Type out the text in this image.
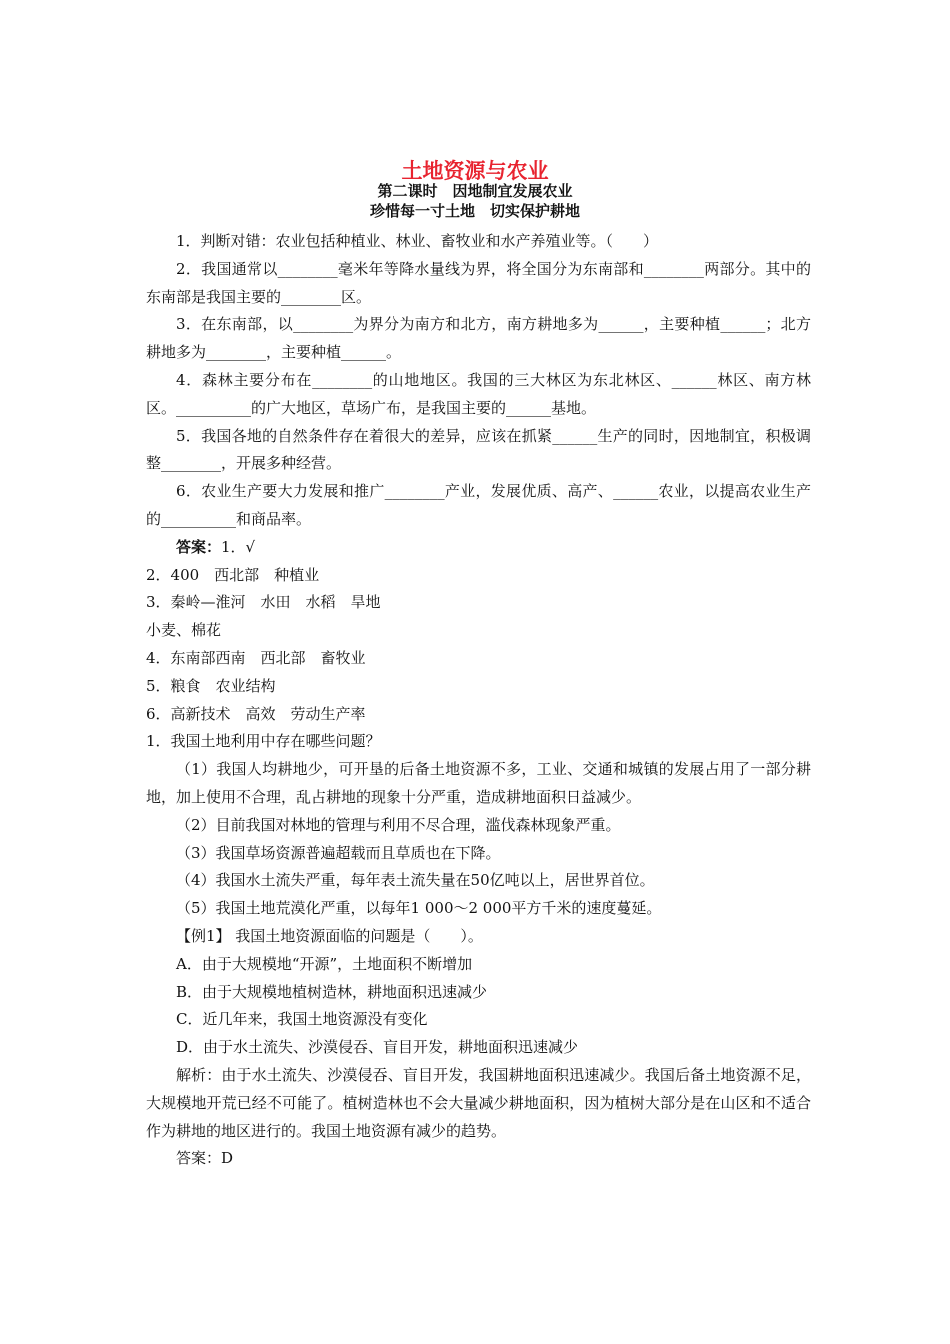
土地资源与农业
第二课时　因地制宜发展农业
珍惜每一寸土地　切实保护耕地

1．判断对错：农业包括种植业、林业、畜牧业和水产养殖业等。（　　）

2．我国通常以________毫米年等降水量线为界，将全国分为东南部和________两部分。其中的东南部是我国主要的________区。

3．在东南部，以________为界分为南方和北方，南方耕地多为______，主要种植______；北方耕地多为________，主要种植______。

4．森林主要分布在________的山地地区。我国的三大林区为东北林区、______林区、南方林区。__________的广大地区，草场广布，是我国主要的______基地。

5．我国各地的自然条件存在着很大的差异，应该在抓紧______生产的同时，因地制宜，积极调整________，开展多种经营。

6．农业生产要大力发展和推广________产业，发展优质、高产、______农业，以提高农业生产的__________和商品率。

答案：1．√

2．400　西北部　种植业

3．秦岭—淮河　水田　水稻　旱地

小麦、棉花

4．东南部西南　西北部　畜牧业

5．粮食　农业结构

6．高新技术　高效　劳动生产率

1．我国土地利用中存在哪些问题？

（1）我国人均耕地少，可开垦的后备土地资源不多，工业、交通和城镇的发展占用了一部分耕地，加上使用不合理，乱占耕地的现象十分严重，造成耕地面积日益减少。

（2）目前我国对林地的管理与利用不尽合理，滥伐森林现象严重。

（3）我国草场资源普遍超载而且草质也在下降。

（4）我国水土流失严重，每年表土流失量在50亿吨以上，居世界首位。

（5）我国土地荒漠化严重，以每年1 000～2 000平方千米的速度蔓延。

【例1】 我国土地资源面临的问题是（　　）。

A．由于大规模地“开源”，土地面积不断增加

B．由于大规模地植树造林，耕地面积迅速减少

C．近几年来，我国土地资源没有变化

D．由于水土流失、沙漠侵吞、盲目开发，耕地面积迅速减少

解析：由于水土流失、沙漠侵吞、盲目开发，我国耕地面积迅速减少。我国后备土地资源不足，大规模地开荒已经不可能了。植树造林也不会大量减少耕地面积，因为植树大部分是在山区和不适合作为耕地的地区进行的。我国土地资源有减少的趋势。

答案：D
